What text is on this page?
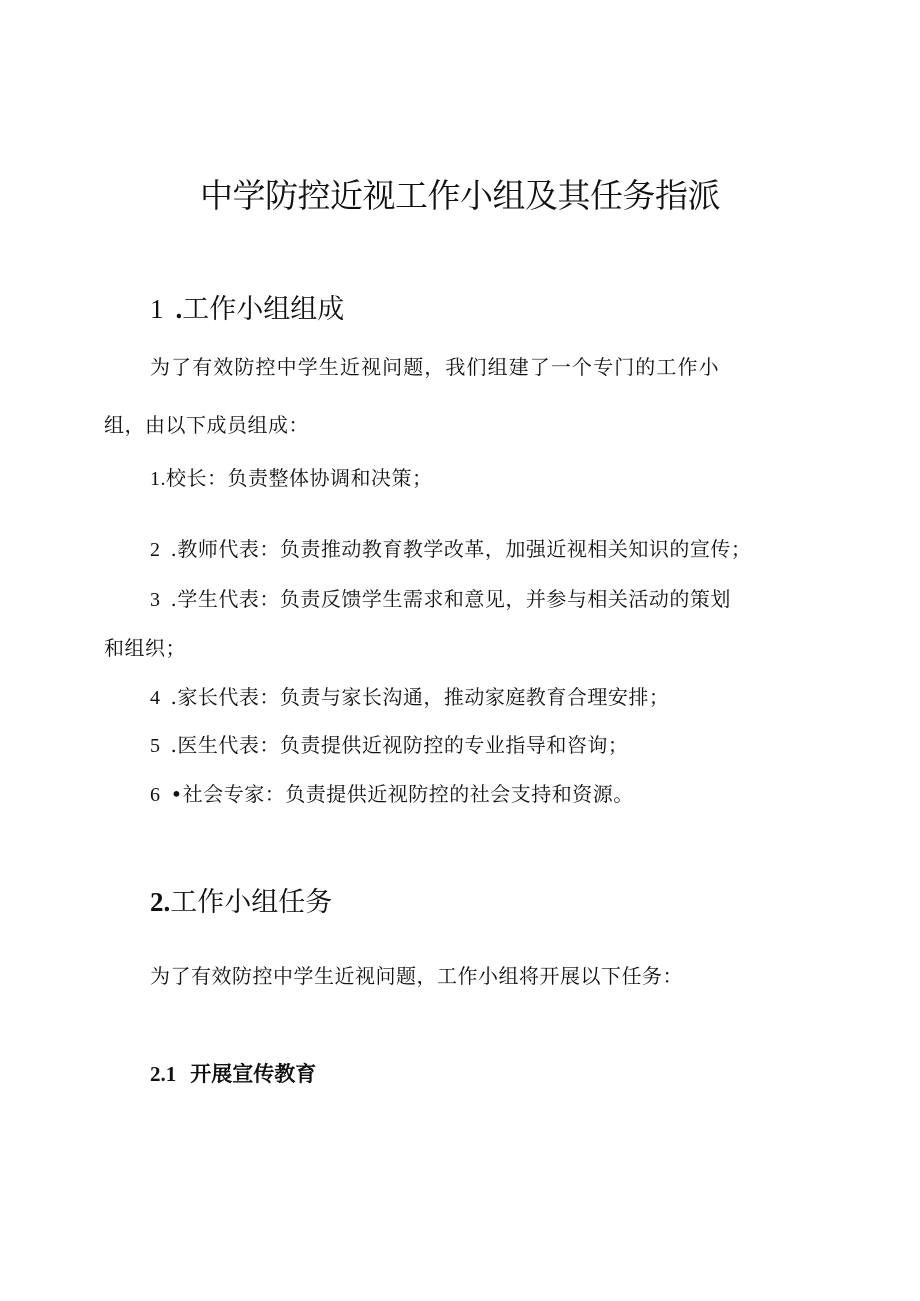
中学防控近视工作小组及其任务指派
1 .工作小组组成
为了有效防控中学生近视问题，我们组建了一个专门的工作小
组，由以下成员组成：
1.校长：负责整体协调和决策；
2 .教师代表：负责推动教育教学改革，加强近视相关知识的宣传；
3 .学生代表：负责反馈学生需求和意见，并参与相关活动的策划
和组织；
4 .家长代表：负责与家长沟通，推动家庭教育合理安排；
5 .医生代表：负责提供近视防控的专业指导和咨询；
6 •社会专家：负责提供近视防控的社会支持和资源。
2.工作小组任务
为了有效防控中学生近视问题，工作小组将开展以下任务：
2.1 开展宣传教育
